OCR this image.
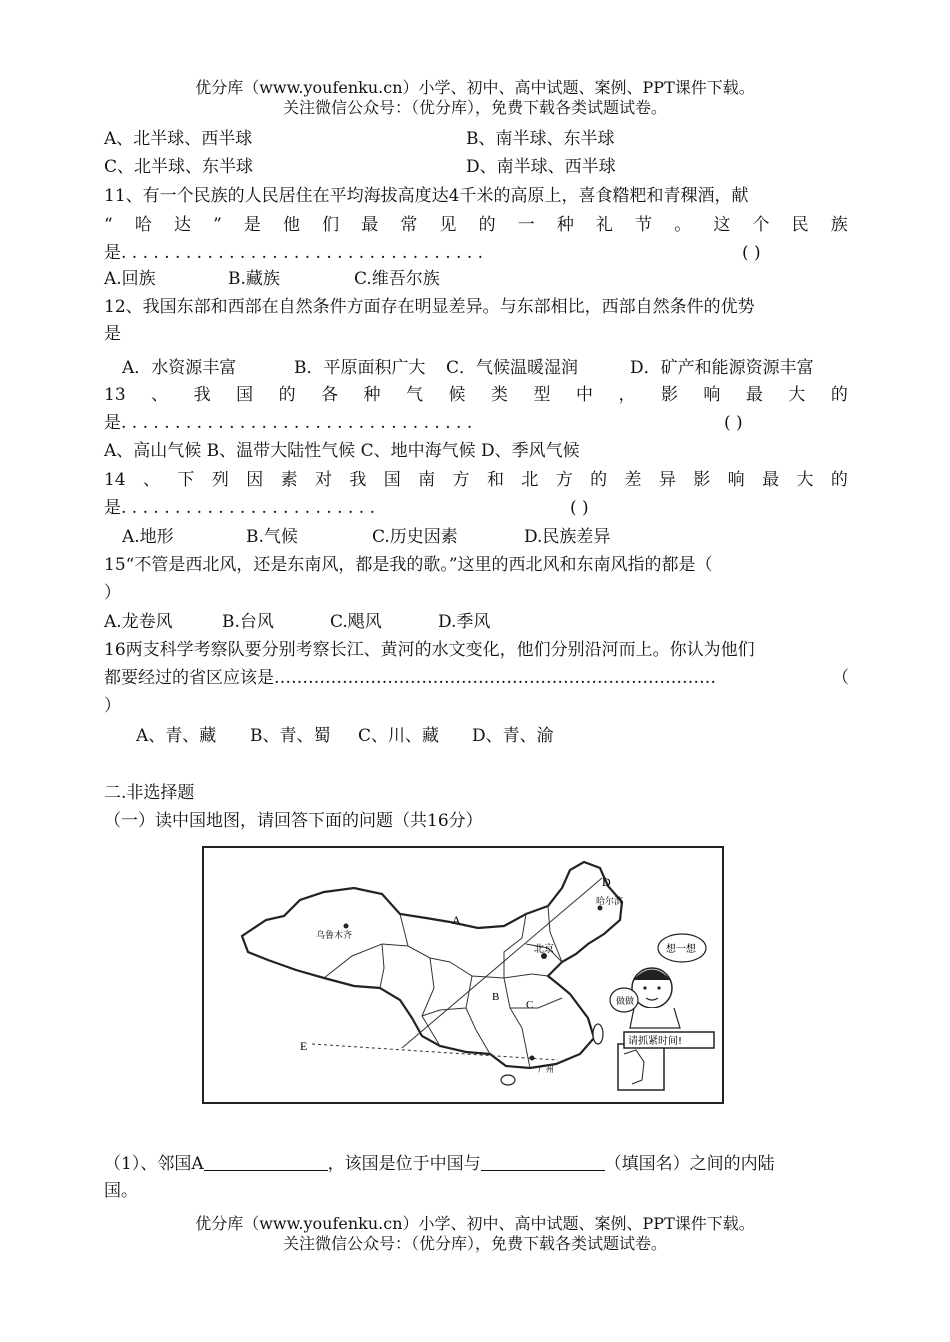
优分库（www.youfenku.cn）小学、初中、高中试题、案例、PPT课件下载。
关注微信公众号：（优分库），免费下载各类试题试卷。
A、北半球、西半球	B、南半球、东半球
C、北半球、东半球	D、南半球、西半球
11、有一个民族的人民居住在平均海拔高度达4千米的高原上，喜食糌粑和青稞酒，献
“ 哈 达 ” 是 他 们 最 常 见 的 一 种 礼 节 。 这 个 民 族
是. . . . . . . . . . . . . . . . . . . . . . . . . . . . . . . . . .	( )
A.回族	B.藏族	C.维吾尔族
12、我国东部和西部在自然条件方面存在明显差异。与东部相比，西部自然条件的优势
是
A．水资源丰富	B．平原面积广大 C．气候温暖湿润	D．矿产和能源资源丰富
13 、 我 国 的 各 种 气 候 类 型 中 ， 影 响 最 大 的
是. . . . . . . . . . . . . . . . . . . . . . . . . . . . . . . . .	( )
A、高山气候 B、温带大陆性气候 C、地中海气候 D、季风气候
14 、 下 列 因 素 对 我 国 南 方 和 北 方 的 差 异 影 响 最 大 的
是. . . . . . . . . . . . . . . . . . . . . . . .	( )
A.地形	B.气候	C.历史因素	D.民族差异
15“不管是西北风，还是东南风，都是我的歌。”这里的西北风和东南风指的都是（
）
A.龙卷风	B.台风	C.飓风	D.季风
16两支科学考察队要分别考察长江、黄河的水文变化，他们分别沿河而上。你认为他们
都要经过的省区应该是……………………………………………………………………	（
）
A、青、藏 B、青、蜀 C、川、藏 D、青、渝
二.非选择题
（一）读中国地图，请回答下面的问题（共16分）
A
B
C
D
E
乌鲁木齐
哈尔滨
北京
广州
想一想
做做
请抓紧时间!
（1）、邻国A	，该国是位于中国与	（填国名）之间的内陆
国。
优分库（www.youfenku.cn）小学、初中、高中试题、案例、PPT课件下载。
关注微信公众号：（优分库），免费下载各类试题试卷。
